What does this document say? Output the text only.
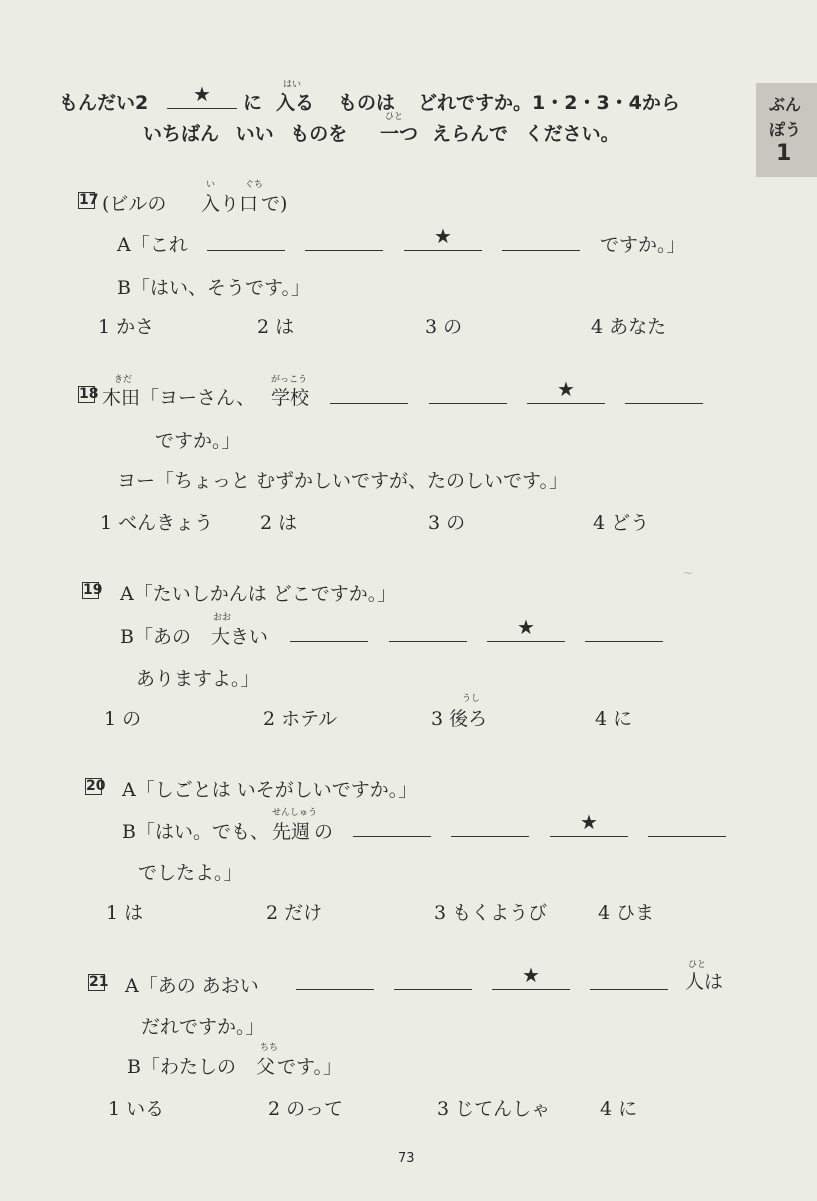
ぶん
ぽう
1
もんだい2	★	に
はい
入る ものは どれですか。1・2・3・4から
いちばん いい ものを
ひと
一つ えらんで ください。
17 (ビルの
い	ぐち
入り口 で)
A「これ	★	ですか。」
B「はい、そうです。」
1 かさ	2 は	3 の	4 あなた
18
きだ
木田 「ヨーさん、
がっこう
学校	★
ですか。」
ヨー「ちょっと むずかしいですが、たのしいです。」
1 べんきょう 2 は	3 の	4 どう
19 A「たいしかんは どこですか。」
B「あの
おお
大きい	★
ありますよ。」
1 の	2 ホテル
うし
3 後ろ	4 に
20 A「しごとは いそがしいですか。」
B「はい。でも、
せんしゅう
先週 の	★
でしたよ。」
1 は	2 だけ	3 もくようび	4 ひま
21 A「あの あおい	★	ひと
人は
だれですか。」
B「わたしの
ちち
父 です。」
1 いる	2 のって	3 じてんしゃ	4 に
~
73
